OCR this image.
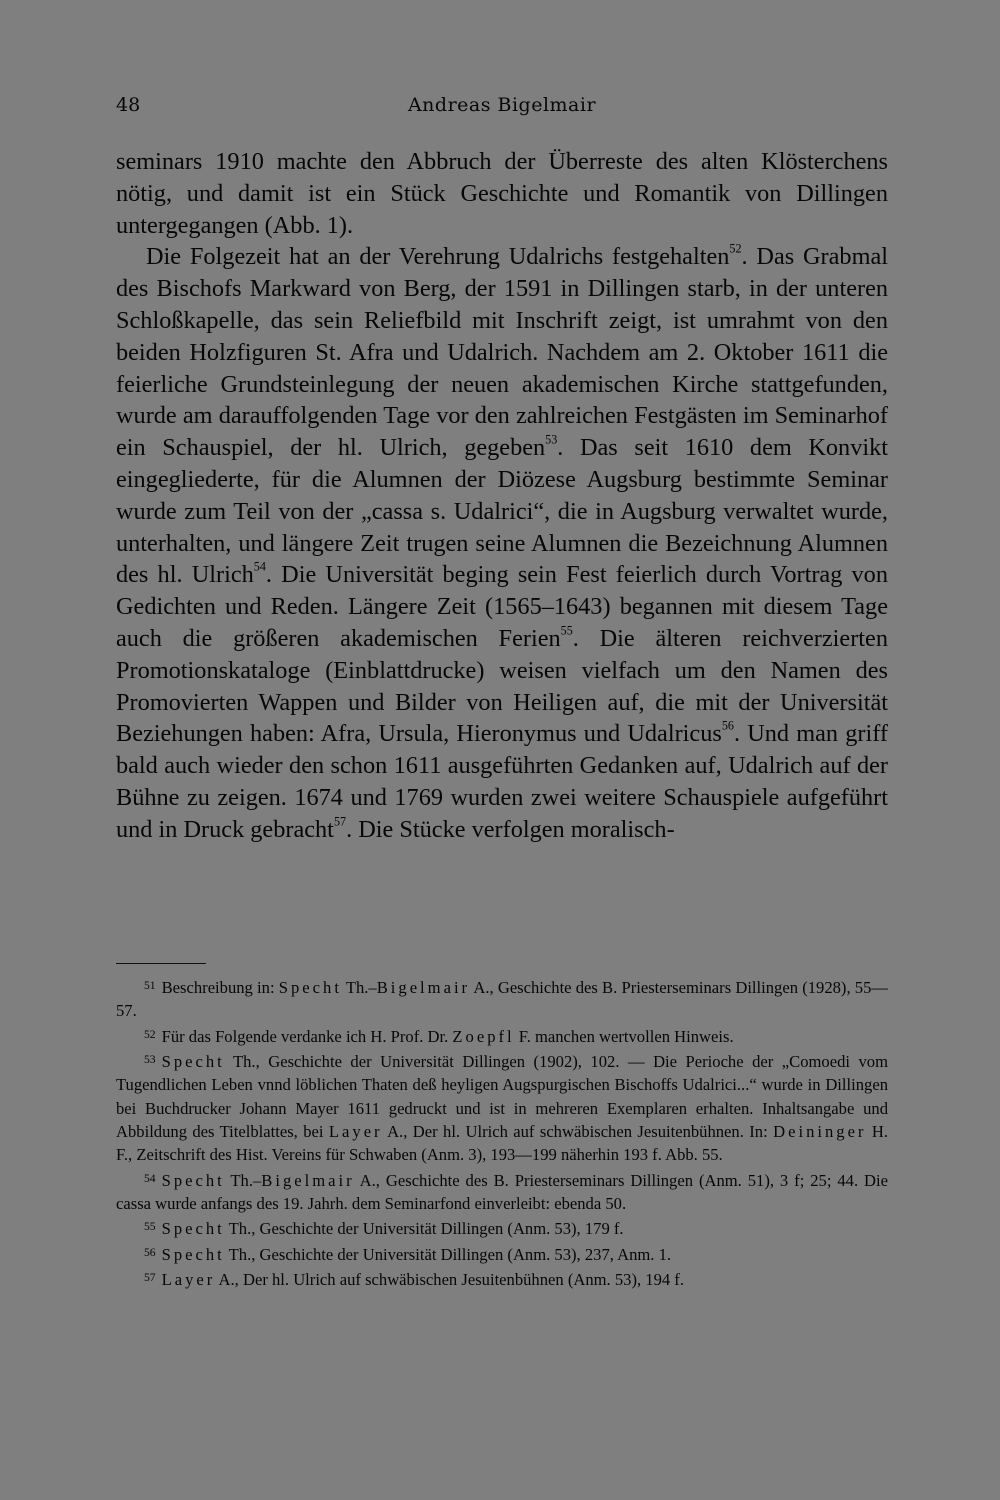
48	Andreas Bigelmair

seminars 1910 machte den Abbruch der Überreste des alten Klösterchens nötig, und damit ist ein Stück Geschichte und Romantik von Dillingen untergegangen (Abb. 1).

Die Folgezeit hat an der Verehrung Udalrichs festgehalten$^{52}$. Das Grabmal des Bischofs Markward von Berg, der 1591 in Dillingen starb, in der unteren Schloßkapelle, das sein Reliefbild mit Inschrift zeigt, ist umrahmt von den beiden Holzfiguren St. Afra und Udalrich. Nachdem am 2. Oktober 1611 die feierliche Grundsteinlegung der neuen akademischen Kirche stattgefunden, wurde am darauffolgenden Tage vor den zahlreichen Festgästen im Seminarhof ein Schauspiel, der hl. Ulrich, gegeben$^{53}$. Das seit 1610 dem Konvikt eingegliederte, für die Alumnen der Diözese Augsburg bestimmte Seminar wurde zum Teil von der „cassa s. Udalrici“, die in Augsburg verwaltet wurde, unterhalten, und längere Zeit trugen seine Alumnen die Bezeichnung Alumnen des hl. Ulrich$^{54}$. Die Universität beging sein Fest feierlich durch Vortrag von Gedichten und Reden. Längere Zeit (1565–1643) begannen mit diesem Tage auch die größeren akademischen Ferien$^{55}$. Die älteren reichverzierten Promotionskataloge (Einblattdrucke) weisen vielfach um den Namen des Promovierten Wappen und Bilder von Heiligen auf, die mit der Universität Beziehungen haben: Afra, Ursula, Hieronymus und Udalricus$^{56}$. Und man griff bald auch wieder den schon 1611 ausgeführten Gedanken auf, Udalrich auf der Bühne zu zeigen. 1674 und 1769 wurden zwei weitere Schauspiele aufgeführt und in Druck gebracht$^{57}$. Die Stücke verfolgen moralisch-

$^{51}$ Beschreibung in: Specht Th.–Bigelmair A., Geschichte des B. Priesterseminars Dillingen (1928), 55—57.

$^{52}$ Für das Folgende verdanke ich H. Prof. Dr. Zoepfl F. manchen wertvollen Hinweis.

$^{53}$ Specht Th., Geschichte der Universität Dillingen (1902), 102. — Die Perioche der „Comoedi vom Tugendlichen Leben vnnd löblichen Thaten deß heyligen Augspurgischen Bischoffs Udalrici...“ wurde in Dillingen bei Buchdrucker Johann Mayer 1611 gedruckt und ist in mehreren Exemplaren erhalten. Inhaltsangabe und Abbildung des Titelblattes, bei Layer A., Der hl. Ulrich auf schwäbischen Jesuitenbühnen. In: Deininger H. F., Zeitschrift des Hist. Vereins für Schwaben (Anm. 3), 193—199 näherhin 193 f. Abb. 55.

$^{54}$ Specht Th.–Bigelmair A., Geschichte des B. Priesterseminars Dillingen (Anm. 51), 3 f; 25; 44. Die cassa wurde anfangs des 19. Jahrh. dem Seminarfond einverleibt: ebenda 50.

$^{55}$ Specht Th., Geschichte der Universität Dillingen (Anm. 53), 179 f.

$^{56}$ Specht Th., Geschichte der Universität Dillingen (Anm. 53), 237, Anm. 1.

$^{57}$ Layer A., Der hl. Ulrich auf schwäbischen Jesuitenbühnen (Anm. 53), 194 f.
